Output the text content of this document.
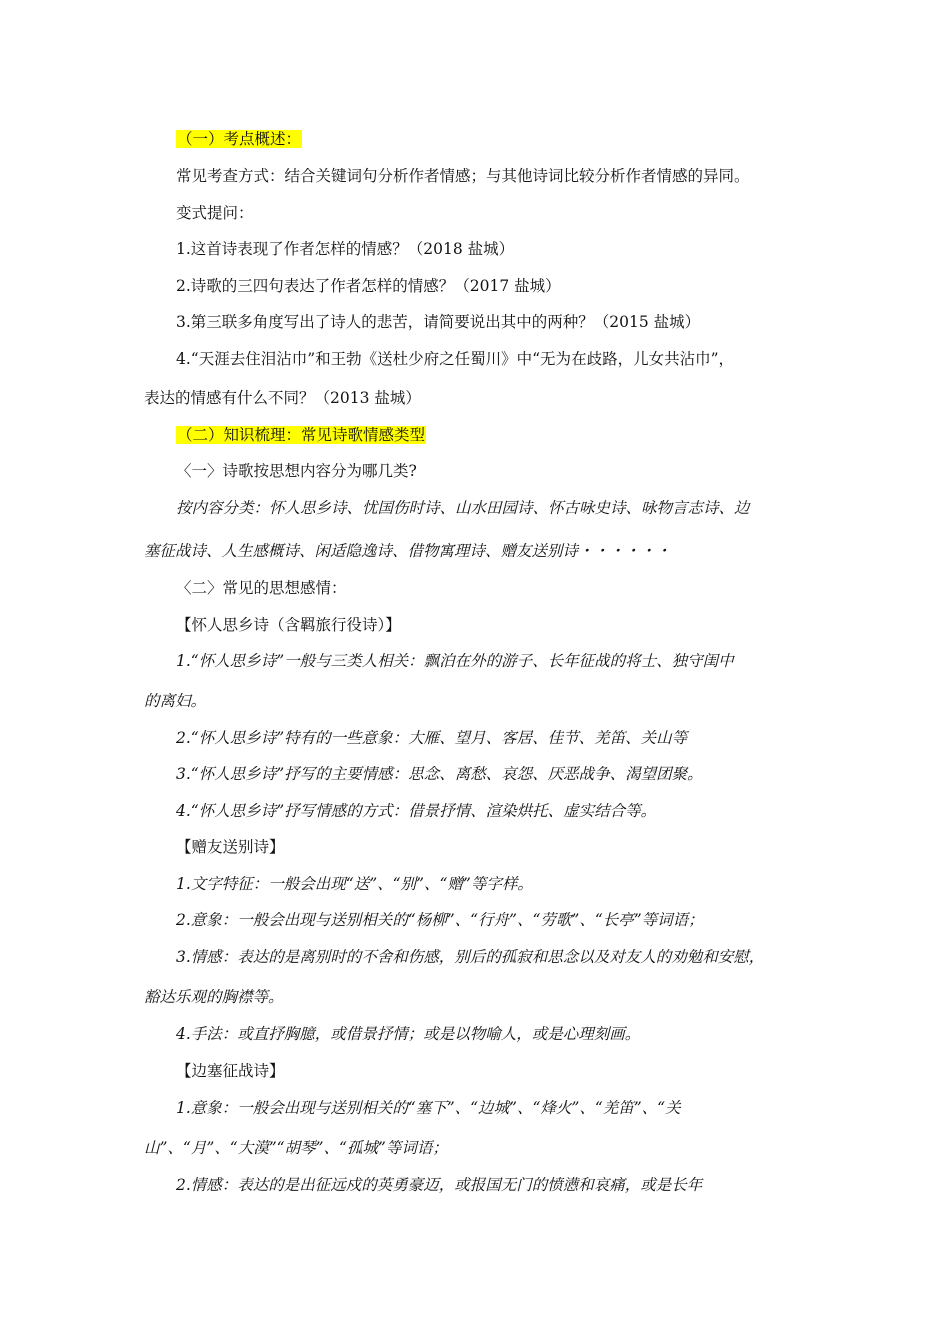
（一）考点概述：
常见考查方式：结合关键词句分析作者情感；与其他诗词比较分析作者情感的异同。
变式提问：
1.这首诗表现了作者怎样的情感？（2018 盐城）
2.诗歌的三四句表达了作者怎样的情感？（2017 盐城）
3.第三联多角度写出了诗人的悲苦，请简要说出其中的两种？（2015 盐城）
4.“天涯去住泪沾巾”和王勃《送杜少府之任蜀川》中“无为在歧路，儿女共沾巾”，
表达的情感有什么不同？（2013 盐城）
（二）知识梳理：常见诗歌情感类型
〈一〉诗歌按思想内容分为哪几类?
按内容分类：怀人思乡诗、忧国伤时诗、山水田园诗、怀古咏史诗、咏物言志诗、边
塞征战诗、人生感概诗、闲适隐逸诗、借物寓理诗、赠友送别诗・・・・・・
〈二〉常见的思想感情：
【怀人思乡诗（含羁旅行役诗）】
1.“怀人思乡诗”一般与三类人相关：飘泊在外的游子、长年征战的将士、独守闺中
的离妇。
2.“怀人思乡诗”特有的一些意象：大雁、望月、客居、佳节、羌笛、关山等
3.“怀人思乡诗”抒写的主要情感：思念、离愁、哀怨、厌恶战争、渴望团聚。
4.“怀人思乡诗”抒写情感的方式：借景抒情、渲染烘托、虚实结合等。
【赠友送别诗】
1.文字特征：一般会出现“送”、“别”、“赠”等字样。
2.意象：一般会出现与送别相关的“杨柳”、“行舟”、“劳歌”、“长亭”等词语；
3.情感：表达的是离别时的不舍和伤感，别后的孤寂和思念以及对友人的劝勉和安慰，
豁达乐观的胸襟等。
4.手法：或直抒胸臆，或借景抒情；或是以物喻人，或是心理刻画。
【边塞征战诗】
1.意象：一般会出现与送别相关的“塞下”、“边城”、“烽火”、“羌笛”、“关
山”、“月”、“大漠”“胡琴”、“孤城”等词语；
2.情感：表达的是出征远戍的英勇豪迈，或报国无门的愤懑和哀痛，或是长年
